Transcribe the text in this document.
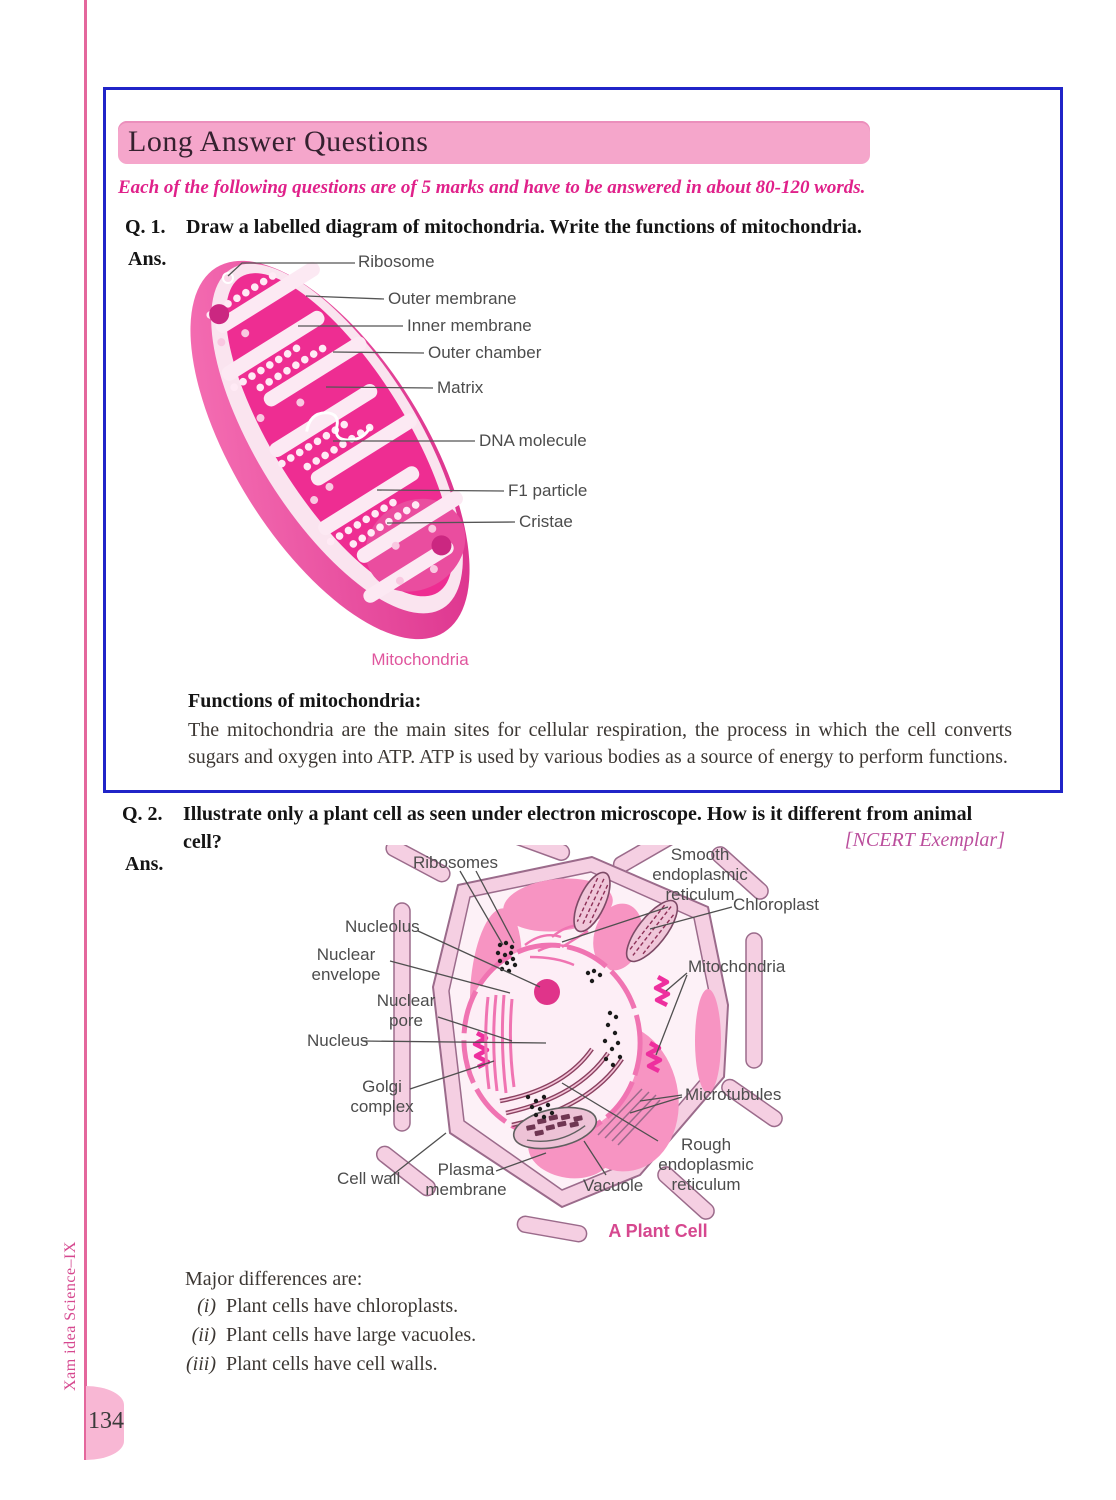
Xam idea Science–IX
134
Long Answer Questions
Each of the following questions are of 5 marks and have to be answered in about 80-120 words.
Q. 1. Draw a labelled diagram of mitochondria. Write the functions of mitochondria.
Ans.
Functions of mitochondria:
The mitochondria are the main sites for cellular respiration, the process in which the cell converts sugars and oxygen into ATP. ATP is used by various bodies as a source of energy to perform functions.
Ribosome
Outer membrane
Inner membrane
Outer chamber
Matrix
DNA molecule
F1 particle
Cristae
Mitochondria
Q. 2. Illustrate only a plant cell as seen under electron microscope. How is it different from animal
cell?	[NCERT Exemplar]
Ans.	Ribosomes	Smooth endoplasmic reticulum
Chloroplast
Nucleolus
Nuclear envelope	Mitochondria
Nuclear pore
Nucleus
Golgi complex
Microtubules
Rough endoplasmic reticulum
Cell wall	Plasma membrane	Vacuole
A Plant Cell
Major differences are:
(i) Plant cells have chloroplasts.
(ii) Plant cells have large vacuoles.
(iii) Plant cells have cell walls.
